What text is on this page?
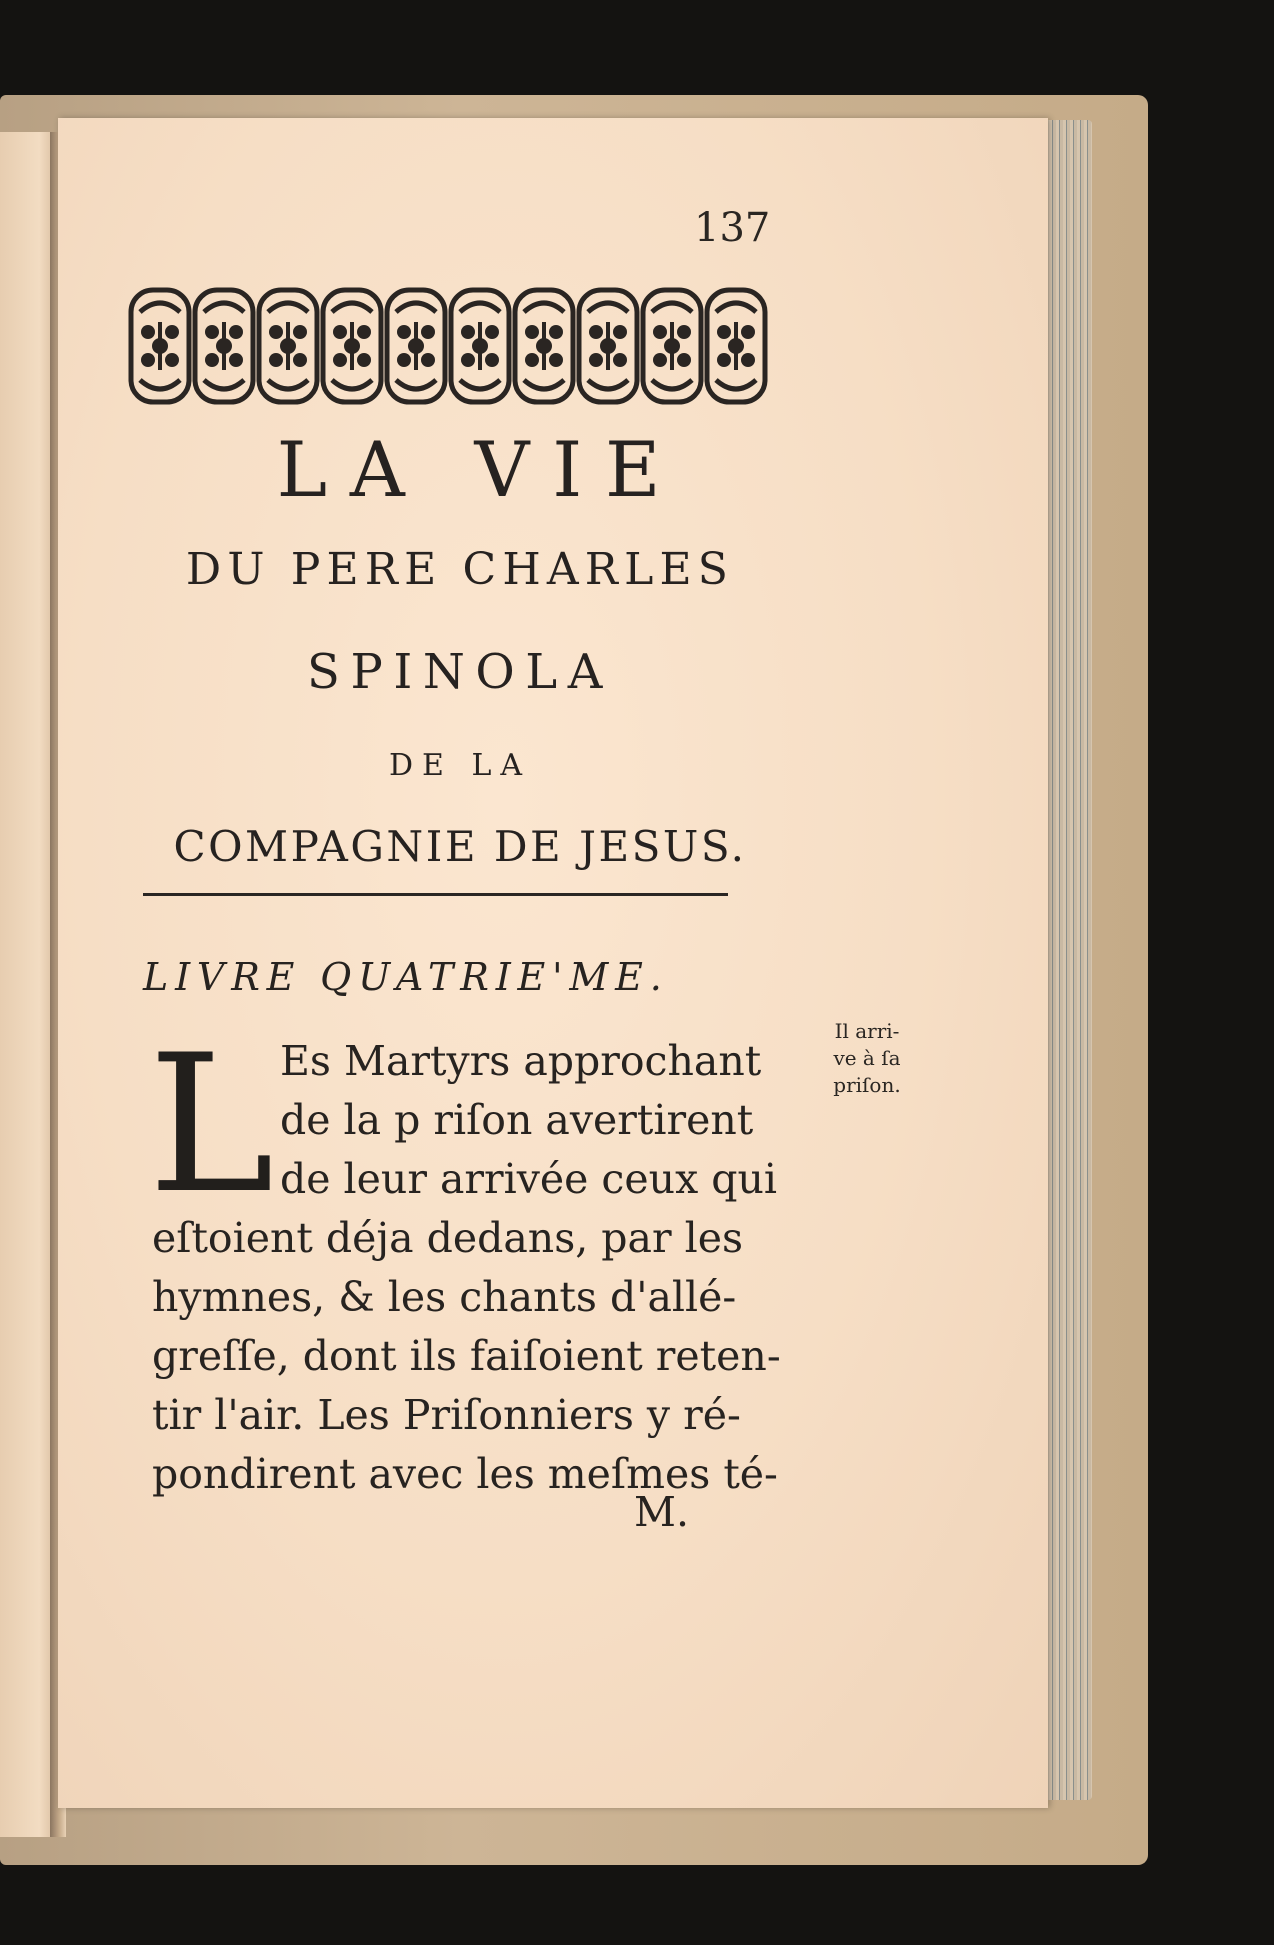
137
LA VIE
DU PERE CHARLES
SPINOLA
DE LA
COMPAGNIE DE JESUS.
LIVRE QUATRIE'ME.
L Es Martyrs approchant
de la p riſon avertirent
de leur arrivée ceux qui
eſtoient déja dedans, par les
hymnes, & les chants d'allé-
greſſe, dont ils faiſoient reten-
tir l'air. Les Priſonniers y ré-
pondirent avec les meſmes té-
Il arri-
ve à ſa
priſon.
M.
